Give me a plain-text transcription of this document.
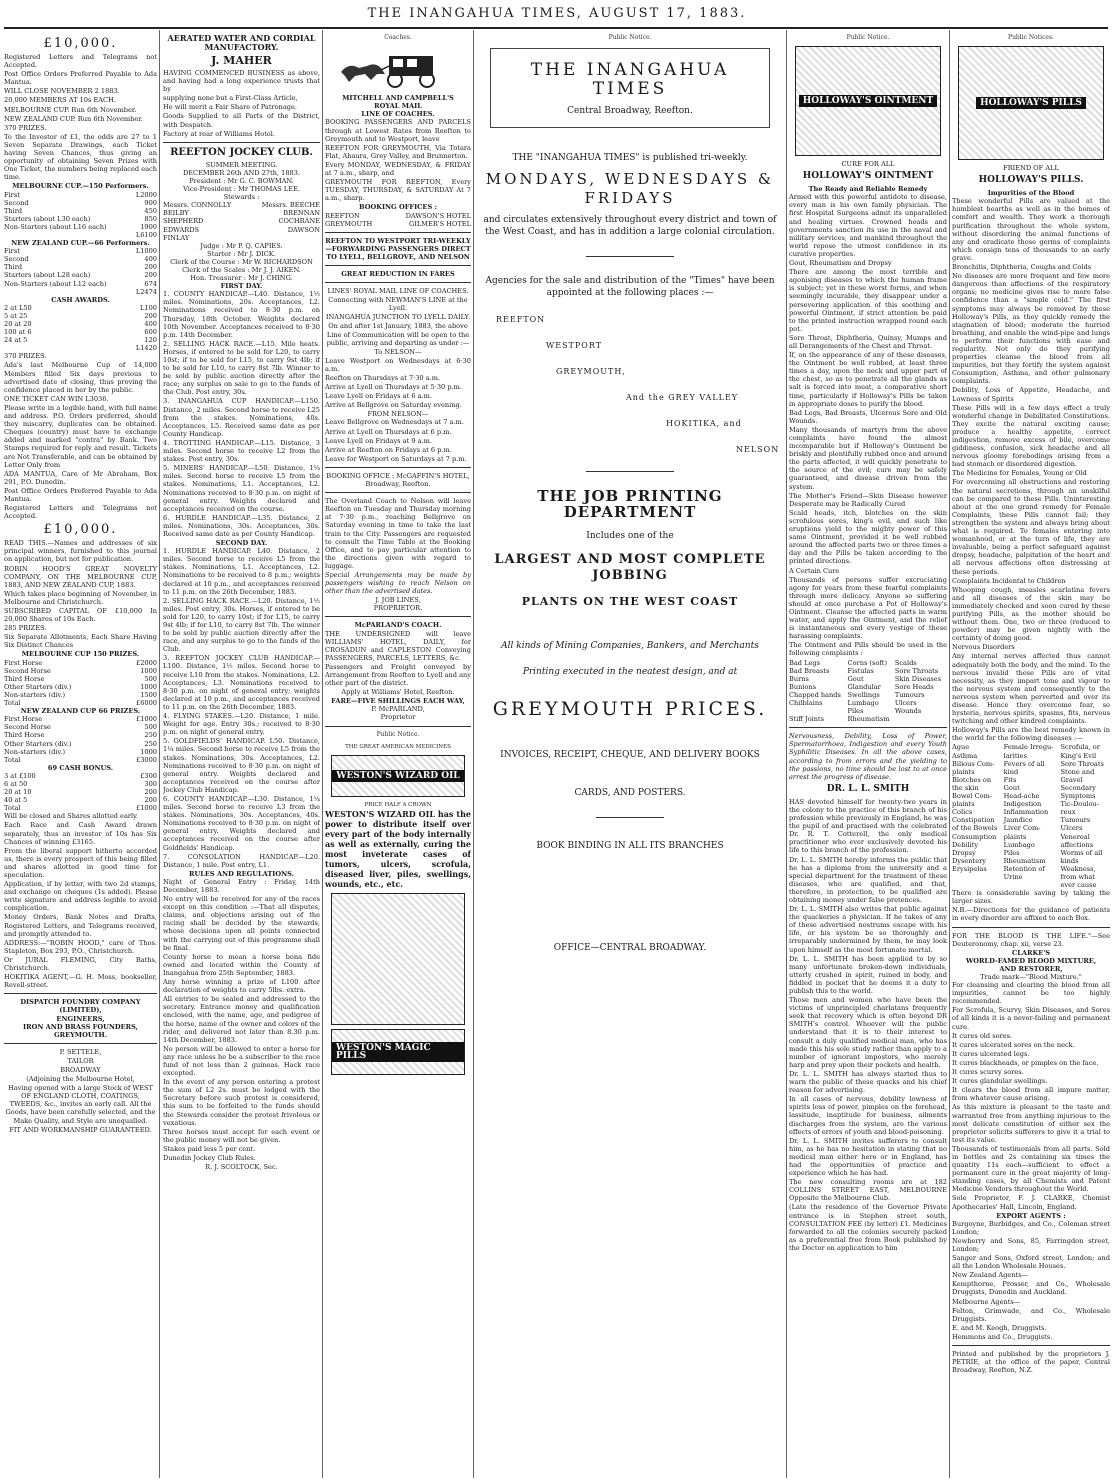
THE INANGAHUA TIMES, AUGUST 17, 1883.
£10,000.
Registered Letters and Telegrams not Accepted.
Post Office Orders Preferred Payable to Ada Mantua.
WILL CLOSE NOVEMBER 2 1883.
20,000 MEMBERS AT 10s EACH.
MELBOURNE CUP. Run 6th November.
NEW ZEALAND CUP. Run 6th November.
370 PRIZES.
To the Investor of £1, the odds are 27 to 1 Seven Separate Drawings, each Ticket having Seven Chances, thus giving an opportunity of obtaining Seven Prizes with One Ticket, the numbers being replaced each time.
MELBOURNE CUP.—150 Performers.
First	L2000
Second	900
Third	450
Starters (about L30 each)	850
Non-Starters (about L16 each)	1900
	L6100
NEW ZEALAND CUP.—66 Performers.
First	L1000
Second	400
Third	200
Starters (about L28 each)	200
Non-Starters (about L12 each)	674
	L2474
CASH AWARDS.
2 at L50	L100
5 at 25	200
20 at 20	400
100 at 6	600
24 at 5	120
	L1420
370 PRIZES.
Ada's last Melbourne Cup of 14,000 Members filled Six days previous to advertised date of closing, thus proving the confidence placed in her by the public.
ONE TICKET CAN WIN L3036.
Please write in a legible hand, with full name and address. P.O. Orders preferred, should they miscarry, duplicates can be obtained. Cheques (country) must have to exchange added and marked "contra" by Bank. Two Stamps required for reply and result. Tickets are Not Transferable, and can be obtained by Letter Only from
ADA MANTUA, Care of Mr Abraham, Box 291, P.O. Dunedin.
Post Office Orders Preferred Payable to Ada Mantua.
Registered Letters and Telegrams not Accepted.
£10,000.
READ THIS.—Names and addresses of six principal winners, furnished to this journal on application, but not for publication.
ROBIN HOOD'S GREAT NOVELTY COMPANY, ON THE MELBOURNE CUP, 1883, AND NEW ZEALAND CUP, 1883.
Which takes place beginning of November, in Melbourne and Christchurch.
SUBSCRIBED CAPITAL OF £10,000 In 20,000 Shares of 10s Each.
285 PRIZES.
Six Separate Allotments, Each Share Having Six Distinct Chances
MELBOURNE CUP 150 PRIZES.
First Horse	£2000
Second Horse	1000
Third Horse	500
Other Starters (div.)	1000
Non-starters (div.)	1500
Total	£6000
NEW ZEALAND CUP 66 PRIZES.
First Horse	£1000
Second Horse	500
Third Horse	250
Other Starters (div.)	250
Non-starters (div.)	1000
Total	£3000
69 CASH BONUS.
3 at £100	£300
6 at 50	300
20 at 10	200
40 at 5	200
Total	£1000
Will be closed and Shares allotted early.
Each Race and Cash Award drawn separately, thus an investor of 10s has Six Chances of winning £3165.
From the liberal support hitherto accorded us, there is every prospect of this being filled and shares allotted in good time for speculation.
Application, if by letter, with two 2d stamps, and exchange on cheques (1s added). Please write signature and address legible to avoid complication.
Money Orders, Bank Notes and Drafts, Registered Letters, and Telegrams received, and promptly attended to.
ADDRESS:—"ROBIN HOOD," care of Thos. Stapleton, Box 293, P.O., Christchurch.
Or JURAL FLEMING, City Baths, Christchurch.
HOKITIKA AGENT,—G. H. Moss, bookseller, Revell-street.
DISPATCH FOUNDRY COMPANY (LIMITED),
ENGINEERS,
IRON AND BRASS FOUNDERS,
GREYMOUTH.
P. SETTELE,
TAILOR
BROADWAY
(Adjoining the Melbourne Hotel,
Having opened with a large Stock of WEST OF ENGLAND CLOTH, COATINGS, TWEEDS, &c., invites an early call. All the Goods, have been carefully selected, and the Make Quality, and Style are unequalled.
FIT AND WORKMANSHIP GUARANTEED.
AERATED WATER AND CORDIAL MANUFACTORY.
J. MAHER
HAVING COMMENCED BUSINESS as above, and having had a long experience trusts that by
supplying none but a First-Class Article,
He will merit a Fair Share of Patronage.
Goods Supplied to all Parts of the District, with Despatch.
Factory at rear of Williams Hotel.
REEFTON JOCKEY CLUB.
SUMMER MEETING.
DECEMBER 26th AND 27th, 1883.
President : Mr G. C. BOWMAN.
Vice-President : Mr THOMAS LEE.
Stewards :
Messrs. CONNOLLY	Messrs. BEECHE
BEILBY	BRENNAN
SHEPHERD	COCHRANE
EDWARDS	DAWSON
FINLAY	
Judge : Mr P. Q. CAPIES.
Starter : Mr J. DICK.
Clerk of the Course : Mr W. RICHARDSON
Clerk of the Scales : Mr J. J. AIKEN.
Hon. Treasurer : Mr J. CHING.
FIRST DAY.
1. COUNTY HANDICAP.—L40. Distance, 1½ miles. Nominations, 20s. Acceptances, L2. Nominations received to 8·30 p.m. on Thursday, 18th October. Weights declared 10th November. Acceptances received to 8·30 p.m. 14th December.
2. SELLING HACK RACE.—L15. Mile heats. Horses, if entered to be sold for L20, to carry 10st; if to be sold for L15, to carry 9st 4lb; if to be sold for L10, to carry 8st 7lb. Winner to be sold by public auction directly after the race; any surplus on sale to go to the funds of the Club. Post entry, 30s.
3. INANGAHUA CUP HANDICAP.—L150. Distance, 2 miles. Second horse to receive L25 from the stakes. Nominations, 40s. Acceptances, L5. Received same date as per County Handicap.
4. TROTTING HANDICAP.—L15. Distance, 3 miles. Second horse to receive L2 from the stakes. Post entry, 30s.
5. MINERS' HANDICAP.—L50. Distance, 1¼ miles. Second horse to receive L5 from the stakes. Nominations, L1. Acceptances, L2. Nominations received to 8·30 p.m. on night of general entry. Weights declared and acceptances received on the course.
6. HURDLE HANDICAP.—L35. Distance, 2 miles. Nominations, 30s. Acceptances, 30s. Received same date as per County Handicap.
SECOND DAY.
1. HURDLE HANDICAP. L40. Distance, 2 miles. Second horse to receive L5 from the stakes. Nominations, L1. Acceptances, L2. Nominations to be received to 8 p.m.; weights declared at 10 p.m., and acceptances received to 11 p.m. on the 26th December, 1883.
2. SELLING HACK RACE.—L20. Distance, 1½ miles. Post entry, 30s. Horses, if entered to be sold for L20, to carry 10st; if for L15, to carry 9st 4lb; if for L10, to carry 8st 7lb. The winner to be sold by public auction directly after the race, and any surplus to go to the funds of the Club.
3. REEFTON JOCKEY CLUB HANDICAP.—L100. Distance, 1½ miles. Second horse to receive L10 from the stakes. Nominations, L2. Acceptances, L3. Nominations received to 8·30 p.m. on night of general entry; weights declared at 10 p.m., and acceptances received to 11 p.m. on the 26th December, 1883.
4. FLYING STAKES.—L20. Distance, 1 mile. Weight for age. Entry 30s.; received to 8·30 p.m. on night of general entry.
5. GOLDFIELDS' HANDICAP. L50. Distance, 1¼ miles. Second horse to receive L5 from the stakes. Nominations, 30s. Acceptances, L2. Nominations received to 8·30 p.m. on night of general entry. Weights declared and acceptances received on the course after Jockey Club Handicap.
6. COUNTY HANDICAP.—L30. Distance, 1¼ miles. Second horse to receive L3 from the stakes. Nominations, 30s. Acceptances, 40s. Nominations received to 8·30 p.m. on night of general entry. Weights declared and acceptances received on the course after Goldfields' Handicap.
7. CONSOLATION HANDICAP.—L20. Distance, 1 mile. Post entry, L1.
RULES AND REGULATIONS.
Night of General Entry : Friday, 14th December, 1883.
No entry will be received for any of the races except on this condition :—That all disputes, claims, and objections arising out of the racing shall be decided by the stewards, whose decisions upon all points connected with the carrying out of this programme shall be final.
County horse to mean a horse bona fide owned and located within the County of Inangahua from 25th September, 1883.
Any horse winning a prize of L100 after declaration of weights to carry 5lbs. extra.
All entries to be sealed and addressed to the secretary. Entrance money and qualification enclosed, with the name, age, and pedigree of the horse, name of the owner and colors of the rider, and delivered not later than 8.30 p.m. 14th December, 1883.
No person will be allowed to enter a horse for any race unless he be a subscriber to the race fund of not less than 2 guineas. Hack race excepted.
In the event of any person entering a protest the sum of L2 2s. must be lodged with the Secretary before such protest is considered, this sum to be forfeited to the funds should the Stewards consider the protest frivolous or vexatious.
Three horses must accept for each event or the public money will not be given.
Stakes paid less 5 per cent.
Dunedin Jockey Club Rules.
R. J. SCOLTOCK, Sec.
Coaches.
MITCHELL AND CAMPBELL'S
ROYAL MAIL
LINE OF COACHES.
BOOKING PASSENGERS AND PARCELS through at Lowest Rates from Reefton to Greymouth and to Westport, leave
REEFTON FOR GREYMOUTH, Via Totara Flat, Ahaura, Grey Valley, and Brunnerton.
Every MONDAY, WEDNESDAY, & FRIDAY at 7 a.m., sharp, and
GREYMOUTH FOR REEFTON, Every TUESDAY, THURSDAY, & SATURDAY At 7 a.m., sharp.
BOOKING OFFICES :
REEFTON	DAWSON'S HOTEL
GREYMOUTH	GILMER'S HOTEL
REEFTON TO WESTPORT TRI-WEEKLY—FORWARDING PASSENGERS DIRECT TO LYELL, BELLGROVE, AND NELSON
GREAT REDUCTION IN FARES
LINES' ROYAL MAIL LINE OF COACHES.
Connecting with NEWMAN'S LINE at the Lyell.
INANGAHUA JUNCTION TO LYELL DAILY.
On and after 1st January, 1883, the above Line of Communication will be open to the public, arriving and departing as under :—
To NELSON—
Leave Westport on Wednesdays at 6·30 a.m.
Reefton on Thursdays at 7·30 a.m.
Arrive at Lyell on Thursdays at 5·30 p.m.
Leave Lyell on Fridays at 6 a.m.
Arrive at Bellgrove on Saturday evening.
FROM NELSON—
Leave Bellgrove on Wednesdays at 7 a.m.
Arrive at Lyell on Thursdays at 6 p.m.
Leave Lyell on Fridays at 9 a.m.
Arrive at Reefton on Fridays at 6 p.m.
Leave for Westport on Saturdays at 7 p.m.
BOOKING OFFICE : McGAFFIN'S HOTEL, Broadway, Reefton.
The Overland Coach to Nelson will leave Reefton on Tuesday and Thursday morning at 7·30 p.m., reaching Bellgrove on Saturday evening in time to take the last train to the City. Passengers are requested to consult the Time Table at the Booking Office, and to pay particular attention to the directions given with regard to luggage.
Special Arrangements may be made by passengers wishing to reach Nelson on other than the advertised dates.
J. JOB LINES,
PROPRIETOR.
McPARLAND'S COACH.
THE UNDERSIGNED will leave WILLIAMS' HOTEL, DAILY, for CROSADUN and CAPLESTON Conveying PASSENGERS, PARCELS, LETTERS, &c.
Passengers and Freight conveyed by Arrangement from Reefton to Lyell and any other part of the district.
Apply at Williams' Hotel, Reefton.
FARE—FIVE SHILLINGS EACH WAY,
P. McPARLAND,
Proprietor
Public Notice.
THE GREAT AMERICAN MEDICINES
WESTON'S WIZARD OIL
PRICE HALF A CROWN
WESTON'S WIZARD OIL has the power to distribute itself over every part of the body internally as well as externally, curing the most inveterate cases of tumors, ulcers, scrofula, diseased liver, piles, swellings, wounds, etc., etc.
WESTON'S MAGIC PILLS
Public Notice.
THE INANGAHUA TIMES
Central Broadway, Reefton.
THE "INANGAHUA TIMES" is published tri-weekly.
MONDAYS, WEDNESDAYS & FRIDAYS
and circulates extensively throughout every district and town of the West Coast, and has in addition a large colonial circulation.
Agencies for the sale and distribution of the "Times" have been appointed at the following places :—
REEFTON
WESTPORT
GREYMOUTH,
And the GREY VALLEY
HOKITIKA, and
NELSON
THE JOB PRINTING DEPARTMENT
Includes one of the
LARGEST AND MOST COMPLETE JOBBING
PLANTS ON THE WEST COAST
All kinds of Mining Companies, Bankers, and Merchants
Printing executed in the neatest design, and at
GREYMOUTH PRICES.
INVOICES, RECEIPT, CHEQUE, AND DELIVERY BOOKS
CARDS, AND POSTERS.
BOOK BINDING IN ALL ITS BRANCHES
OFFICE—CENTRAL BROADWAY.
Public Notice.
HOLLOWAY'S OINTMENT
CURE FOR ALL
HOLLOWAY'S OINTMENT
The Ready and Reliable Remedy
Armed with this powerful antidote to disease, every man is his own family physician. The first Hospital Surgeons admit its unparalleled and healing virtues. Crowned heads and governments sanction its use in the naval and military services, and mankind throughout the world repose the utmost confidence in its curative properties.
Gout, Rheumatism and Dropsy
There are among the most terrible and agonising diseases to which the human frame is subject; yet in these worst forms, and when seemingly incurable, they disappear under a persevering application of this soothing and powerful Ointment, if strict attention be paid to the printed instruction wrapped round each pot.
Sore Throat, Diphtheria, Quinsy, Mumps and all Derangements of the Chest and Throat.
If, on the appearance of any of these diseases, the Ointment be well rubbed, at least three times a day, upon the neck and upper part of the chest, so as to penetrate all the glands as salt is forced into meat, a comparative short time, particularly if Holloway's Pills be taken in appropriate doses to purify the blood.
Bad Legs, Bad Breasts, Ulcerous Sore and Old Wounds.
Many thousands of martyrs from the above complaints have found the almost incomparable but if Holloway's Ointment be briskly and plentifully rubbed once and around the parts affected, it will quickly penetrate to the source of the evil; cure may be safely guaranteed, and disease driven from the system.
The Mother's Friend—Skin Disease however Desperate may be Radically Cured
Scald heads, itch, blotches on the skin scrofulous sores, king's evil, and such like eruptions yield to the mighty power of this same Ointment, provided it be well rubbed around the affected parts two or three times a day and the Pills be taken according to the printed directions.
A Certain Cure
Thousands of persons suffer excruciating agony for years from these fearful complaints through mere delicacy. Anyone so suffering should at once purchase a Pot of Holloway's Ointment. Cleanse the affected parts in warm water, and apply the Ointment, and the relief is instantaneous and every vestige of these harassing complaints.
The Ointment and Pills should be used in the following complaints :
Bad Legs	Corns (soft)	Scalds
Bad Breasts	Fistulas	Sore Throats
Burns	Gout	Skin Diseases
Bunions	Glandular	Sore Heads
Chapped hands	Swellings	Tumours
Chilblains	Lumbago	Ulcers
	Piles	Wounds
Stiff Joints	Rheumatism	
Nervousness, Debility, Loss of Power, Spermatorrhoea, Indigestion and every Youth Syphilitic Diseases. In all the above cases, according to from errors and the yielding to the passions, no time should be lost to at once arrest the progress of disease.
DR. L. L. SMITH
HAS devoted himself for twenty-two years in the colony to the practice of this branch of his profession while previously in England, he was the pupil of and practised with the celebrated Dr. R. T. Cotterell, the only medical practitioner who ever exclusively devoted his life to this branch of the profession.
Dr. L. L. SMITH hereby informs the public that he has a diploma from the university and a special department for the treatment of these diseases, who are qualified, and that, therefore, in protection, to be qualified are obtaining money under false pretences.
Dr. L. L. SMITH also writes that public against the quackeries a physician. If he takes of any of these advertised nostrums escape with his life, or his system be so thoroughly and irreparably undermined by them, he may look upon himself as the most fortunate mortal.
Dr. L. L. SMITH has been applied to by so many unfortunate broken-down individuals, utterly crushed in spirit, ruined in body, and fiddled in pocket that he deems it a duty to publish this to the world.
Those men and women who have been the victims of unprincipled charlatans frequently seek that recovery which is often beyond DR SMITH's control. Whoever will the public understand that it is to their interest to consult a duly qualified medical man, who has made this his sole study rather than apply to a number of ignorant impostors, who merely harp and prey upon their pockets and health.
Dr. L. L. SMITH has always started thus to warn the public of these quacks and his chief reason for advertising.
In all cases of nervous, debility lowness of spirits loss of power, pimples on the forehead, lassitude, inaptitude for business, ailments discharges from the system, are the various effects of errors of youth and blood-poisoning.
Dr. L. L. SMITH invites sufferers to consult him, as he has no hesitation in stating that no medical man either here or in England, has had the opportunities of practice and experience which he has had.
The new consulting rooms are at 182 COLLINS STREET EAST, MELBOURNE Opposite the Melbourne Club.
(Late the residence of the Governor Private entrance is in Stephen street south, CONSULTATION FEE (by letter) £1. Medicines forwarded to all the colonies securely packed as a preferential free from Book published by the Doctor on application to him
Public Notices.
HOLLOWAY'S PILLS
FRIEND OF ALL
HOLLOWAY'S PILLS.
Impurities of the Blood
These wonderful Pills are valued at the humblest hearths as well as in the homes of comfort and wealth. They work a thorough purification throughout the whole system, without disordering the animal functions of any and eradicate those germs of complaints which consign tens of thousands to an early grave.
Bronchitis, Diphtheria, Coughs and Colds
No diseases are more frequent and few more dangerous than affections of the respiratory organs; no medicine gives rise to more false confidence than a "simple cold." The first symptoms may always be removed by these Holloway's Pills, as they quickly remedy the stagnation of blood; moderate the hurried breathing, and enable the wind-pipe and lungs to perform their functions with ease and regularity. Not only do they purifying properties cleanse the blood from all impurities, but they fortify the system against Consumption, Asthma, and other pulmonary complaints.
Debility, Loss of Appetite, Headache, and Lowness of Spirits
These Pills will in a few days effect a truly wonderful change in Debilitated Constitutions. They excite the natural exciting cause; produce a healthy appetite, correct indigestion, remove excess of bile, overcome giddiness, confusion, sick headache and all nervous gloomy forebodings arising from a bad stomach or disordered digestion.
The Medicine for Females, Young or Old
For overcoming all obstructions and restoring the natural secretions, through an unskilful can be compared to these Pills. Uninteresting about at the one grand remedy for Female Complaints, these Pills cannot fail; they strengthen the system and always bring about what is required. To females entering into womanhood, or at the turn of life, they are invaluable, being a perfect safeguard against dropsy, headache, palpitation of the heart and all nervous affections often distressing at these periods.
Complaints Incidental to Children
Whooping cough, measles scarlatina fevers and all diseases of the skin may be immediately checked and soon cured by these purifying Pills, as the mother should be without them. One, two or three (reduced to powder) may be given nightly with the certainty of doing good.
Nervous Disorders
Any internal nerves affected thus cannot adequately both the body, and the mind. To the nervous invalid these Pills are of vital necessity, as they impart tone and vigour to the nervous system and consequently to the nervous system when perverted and over its disease. Hence they overcome fear, so hysteria, nervous spirits, spasms, fits, nervous twitching and other kindred complaints.
Holloway's Pills are the best remedy known in the world for the following diseases :—
Ague	Female Irregu-	Scrofula, or
Asthma	larities	King's Evil
Bilious Com-	Fevers of all	Sore Throats
plaints	kind	Stone and
Blotches on	Fits	Gravel
the skin	Gout	Secondary
Bowel Com-	Head-ache	Symptoms
plaints	Indigestion	Tic-Doulou-
Colics	Inflammation	reux
Constipation	Jaundice	Tumours
of the Bowels	Liver Com-	Ulcers
Consumption	plaints	Venereal
Debility	Lumbago	affections
Dropsy	Piles	Worms of all
Dysentery	Rheumatism	kinds
Erysipelas	Retention of	Weakness,
	Urine	from what
		ever cause
There is considerable saving by taking the larger sizes.
N.B.—Directions for the guidance of patients in every disorder are affixed to each Box.
FOR THE BLOOD IS THE LIFE."—See Deuteronomy, chap. xii, verse 23.
CLARKE'S
WORLD-FAMED BLOOD MIXTURE,
AND RESTORER,
Trade mark—"Blood Mixture."
For cleansing and clearing the blood from all impurities, cannot be too highly recommended.
For Scrofula, Scurvy, Skin Diseases, and Sores of all kinds it is a never-failing and permanent cure.
It cures old sores.
It cures ulcerated sores on the neck.
It cures ulcerated legs.
It cures blackheads, or pimples on the face.
It cures scurvy sores.
It cures glandular swellings.
It clears the blood from all impure matter, from whatever cause arising.
As this mixture is pleasant to the taste and warranted free from anything injurious to the most delicate constitution of either sex the proprietor solicits sufferers to give it a trial to test its value.
Thousands of testimonials from all parts. Sold in bottles and 2s containing six times the quantity 11s each—sufficient to effect a permanent cure in the great majority of long-standing cases, by all Chemists and Patent Medicine Vendors throughout the World.
Sole Proprietor, F. J. CLARKE, Chemist Apothecaries' Hall, Lincoln, England.
EXPORT AGENTS :
Burgoyne, Burbidges, and Co., Coleman street London;
Newberry and Sons, 85, Farringdon street, London;
Sanger and Sons, Oxford street, London; and all the London Wholesale Houses.
New Zealand Agents—
Kempthorne, Prosser, and Co., Wholesale Druggists, Dunedin and Auckland.
Melbourne Agents—
Felton, Grimwade, and Co., Wholesale Druggists.
E. and M. Keogh, Druggists.
Hemmons and Co., Druggists.
Printed and published by the proprietors J. PETRIE, at the office of the paper, Central Broadway, Reefton, N.Z.
